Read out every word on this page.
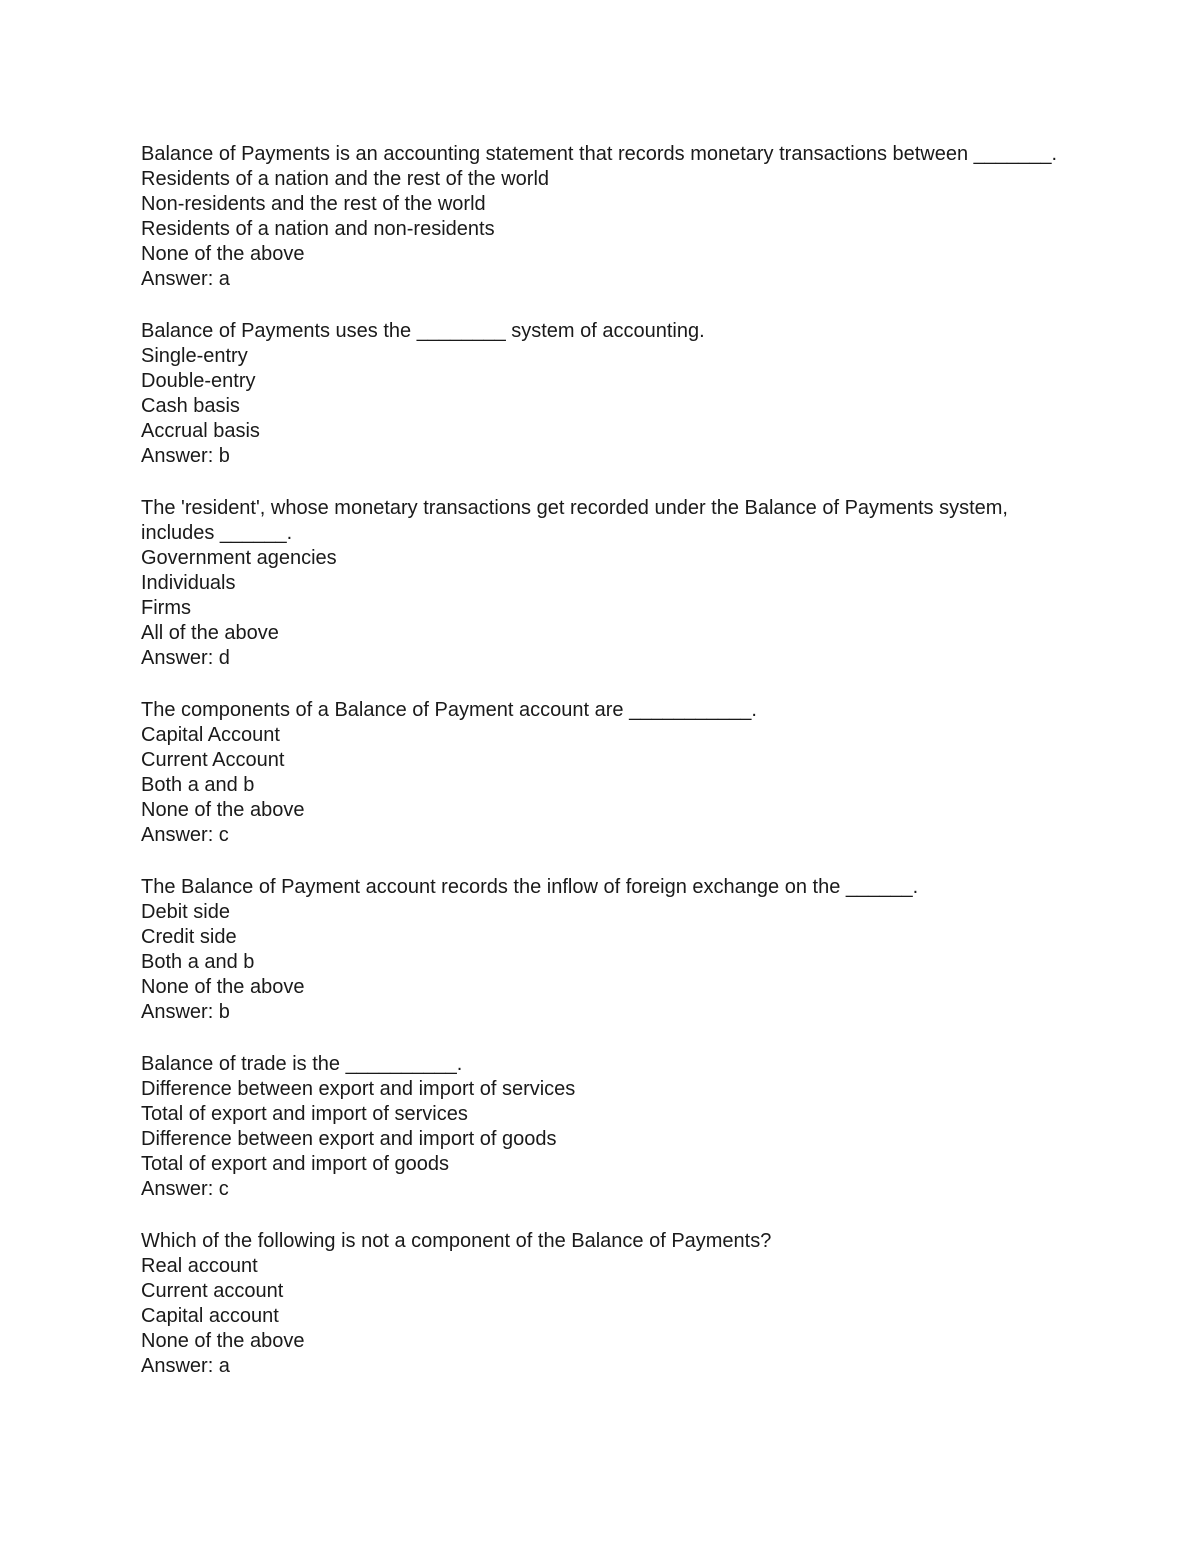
Balance of Payments is an accounting statement that records monetary transactions between _______.
Residents of a nation and the rest of the world
Non-residents and the rest of the world
Residents of a nation and non-residents
None of the above
Answer: a
Balance of Payments uses the ________ system of accounting.
Single-entry
Double-entry
Cash basis
Accrual basis
Answer: b
The 'resident', whose monetary transactions get recorded under the Balance of Payments system, includes ______.
Government agencies
Individuals
Firms
All of the above
Answer: d
The components of a Balance of Payment account are ___________.
Capital Account
Current Account
Both a and b
None of the above
Answer: c
The Balance of Payment account records the inflow of foreign exchange on the ______.
Debit side
Credit side
Both a and b
None of the above
Answer: b
Balance of trade is the __________.
Difference between export and import of services
Total of export and import of services
Difference between export and import of goods
Total of export and import of goods
Answer: c
Which of the following is not a component of the Balance of Payments?
Real account
Current account
Capital account
None of the above
Answer: a
